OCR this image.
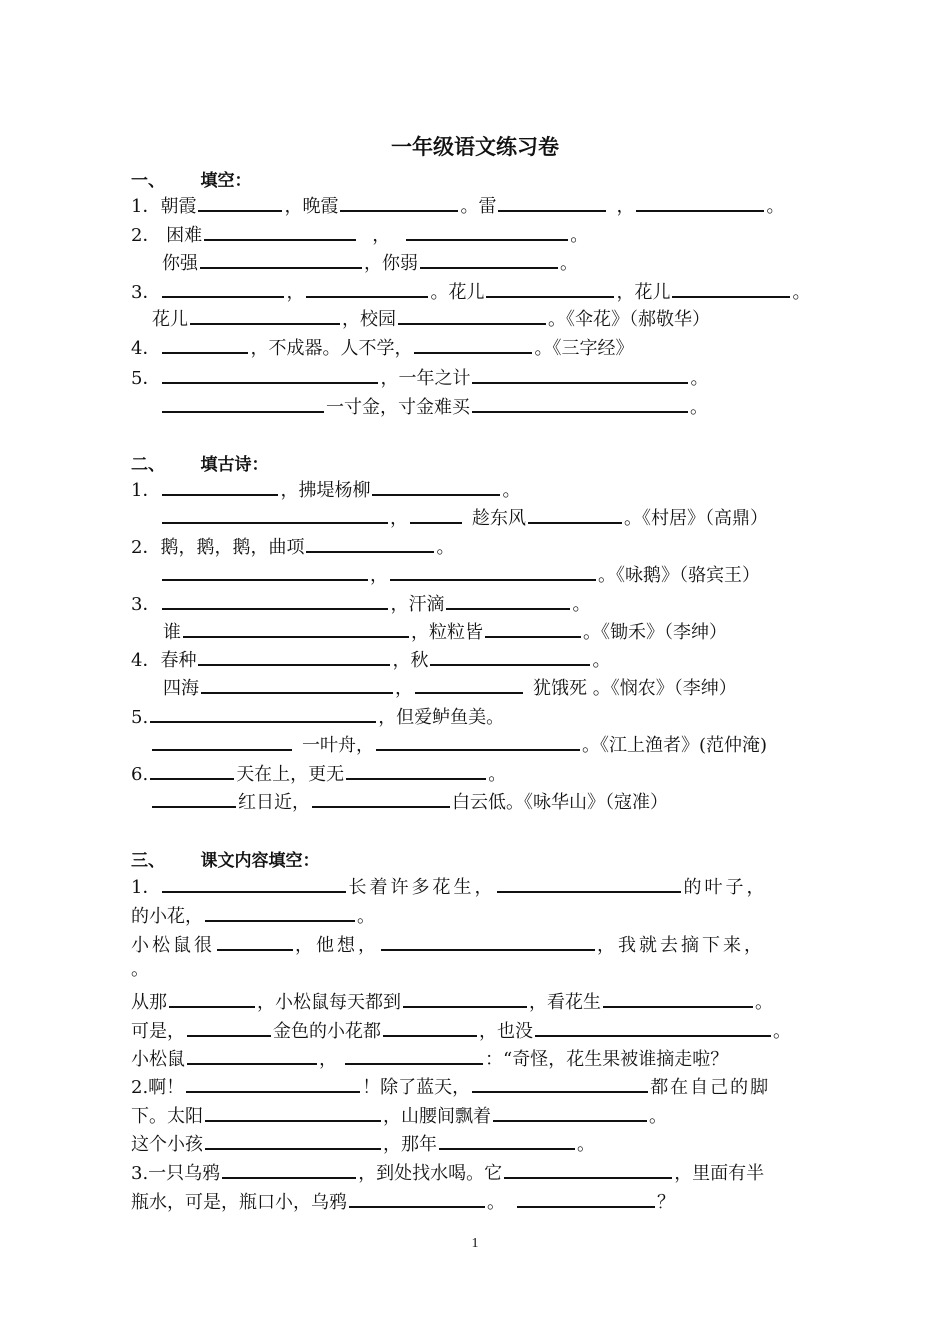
一年级语文练习卷
一、      填空：
二、      填古诗：
三、      课文内容填空：
1．朝霞	，晚霞	。雷	，	。
2． 困难	，	。
你强	，你弱	。
3．	，	。花儿	，花儿	。
花儿	，校园	。《伞花》（郝敬华）
4．	，不成器。人不学，	。《三字经》
5．	，一年之计	。
一寸金，寸金难买	。
1．	，拂堤杨柳	。
，	趁东风	。《村居》（高鼎）
2．鹅，鹅，鹅，曲项	。
，	。《咏鹅》（骆宾王）
3．	，汗滴	。
谁	，粒粒皆	。《锄禾》（李绅）
4．春种	，秋	。
四海	，	犹饿死 。《悯农》（李绅）
5.	，但爱鲈鱼美。
一叶舟，	。《江上渔者》(范仲淹)
6.	天在上，更无	。
红日近，	白云低。《咏华山》（寇准）
1．	长着许多花生，	的叶子，
的小花，	。
小松鼠很	，他想，	，我就去摘下来，
。
从那	，小松鼠每天都到	，看花生	。
可是，	金色的小花都	，也没	。
小松鼠	，	：“奇怪，花生果被谁摘走啦？
2.啊！	！除了蓝天，	都在自己的脚
下。太阳	，山腰间飘着	。
这个小孩	，那年	。
3.一只乌鸦	，到处找水喝。它	，里面有半
瓶水，可是，瓶口小，乌鸦	。	？
1
